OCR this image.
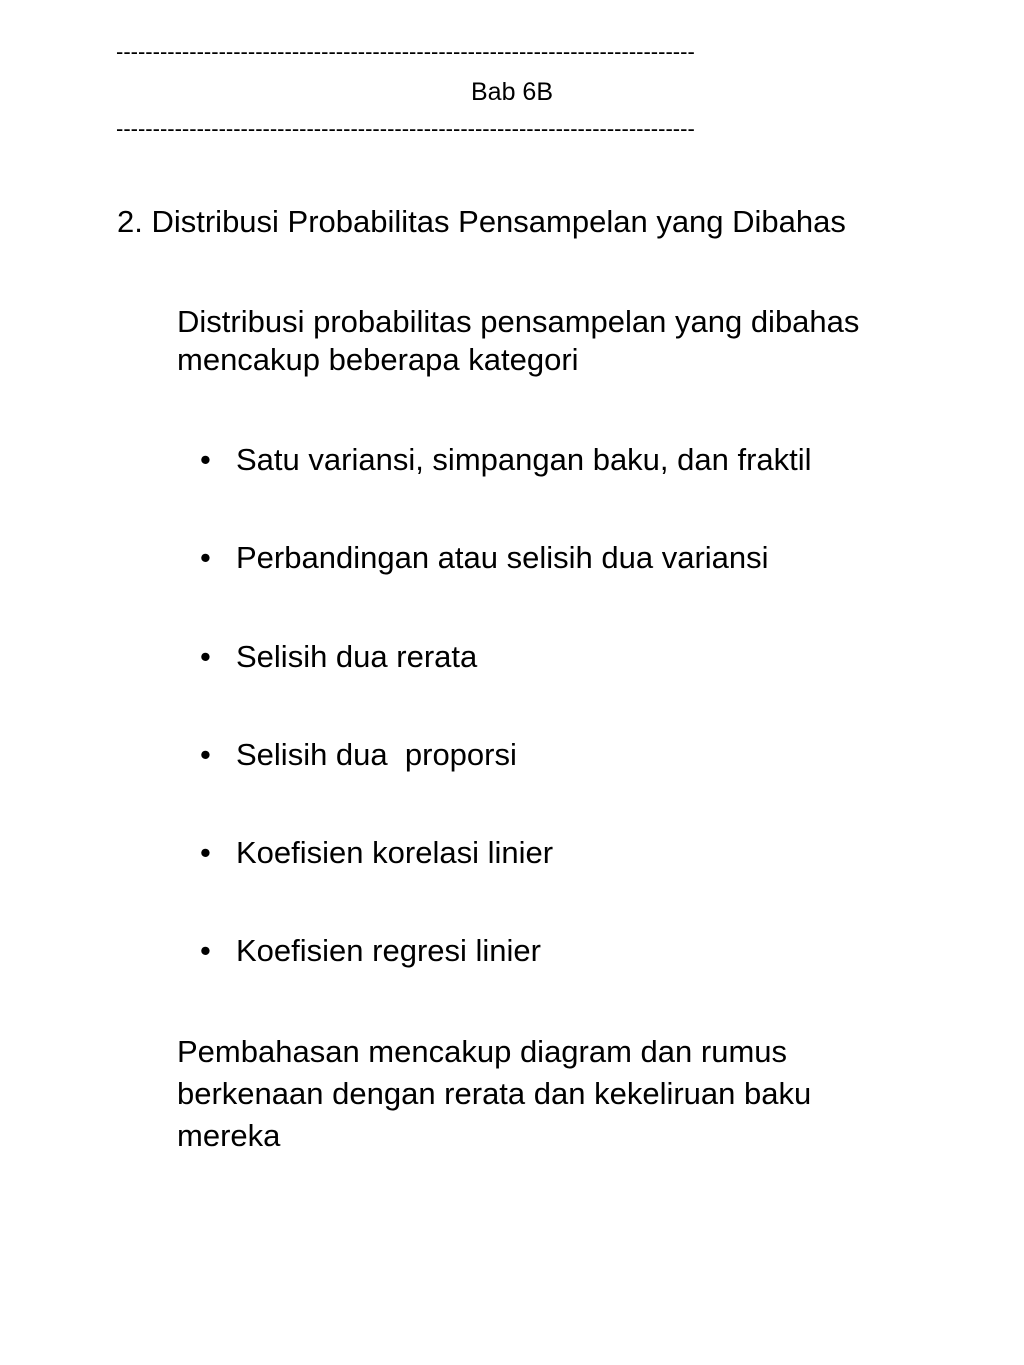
-------------------------------------------------------------------------------
Bab 6B
-------------------------------------------------------------------------------
2. Distribusi Probabilitas Pensampelan yang Dibahas
Distribusi probabilitas pensampelan yang dibahas
mencakup beberapa kategori
• Satu variansi, simpangan baku, dan fraktil
• Perbandingan atau selisih dua variansi
• Selisih dua rerata
• Selisih dua  proporsi
• Koefisien korelasi linier
• Koefisien regresi linier
Pembahasan mencakup diagram dan rumus
berkenaan dengan rerata dan kekeliruan baku
mereka
